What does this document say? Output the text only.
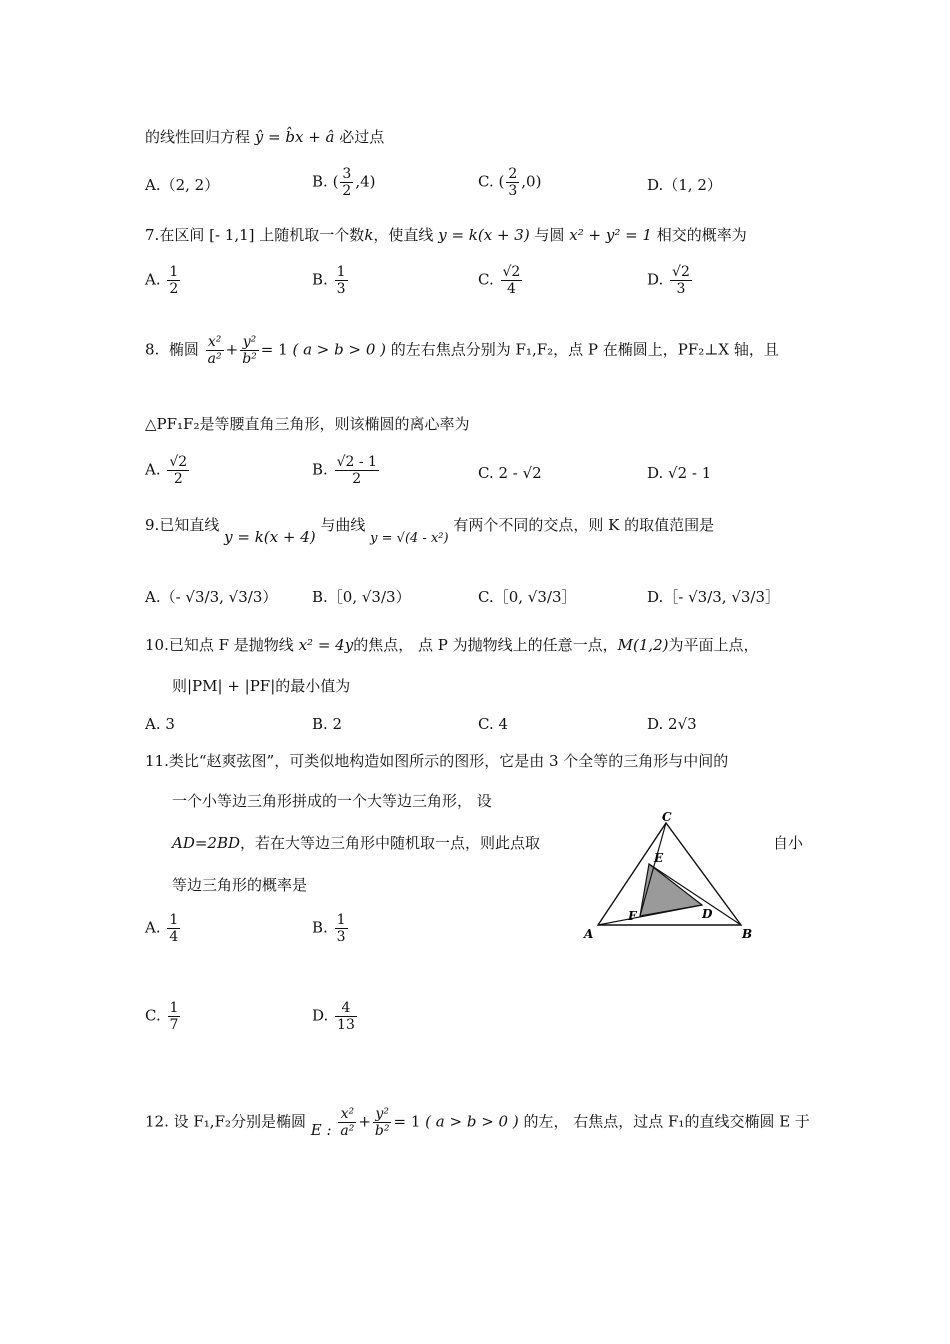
的线性回归方程 ŷ = b̂x + â 必过点
A.（2, 2）	B. ( $\frac{3}{2} ,4$)	C. ( $\frac{2}{3} ,0$)	D.（1, 2）
7.在区间 [- 1,1] 上随机取一个数k，使直线 y = k(x + 3) 与圆 x² + y² = 1 相交的概率为
A. $\frac{1}{2}$	B. $\frac{1}{3}$	C. $\frac{√2}{4}$	D. $\frac{√2}{3}$
8. 椭圆 $\frac{\text{x²}}{\text{a²}} + \frac{\text{y²}}{\text{b²}} = 1$ ( a > b > 0 ) 的左右焦点分别为 F₁,F₂，点 P 在椭圆上，PF₂⊥X 轴，且
△PF₁F₂是等腰直角三角形，则该椭圆的离心率为
A. $\frac{√2}{2}$	B. $\frac{√2 - 1}{2}$	C. 2 - √2	D. √2 - 1
9.已知直线 y = k(x + 4) 与曲线 y = √(4 - x²) 有两个不同的交点，则 K 的取值范围是
A.（- √3/3, √3/3） B.［0, √3/3）	C.［0, √3/3］	D.［- √3/3, √3/3］
10.已知点 F 是抛物线 x² = 4y的焦点， 点 P 为抛物线上的任意一点，M(1,2)为平面上点，
则|PM| + |PF|的最小值为
A. 3	B. 2	C. 4	D. 2√3
11.类比“赵爽弦图”，可类似地构造如图所示的图形，它是由 3 个全等的三角形与中间的
一个小等边三角形拼成的一个大等边三角形， 设
AD=2BD，若在大等边三角形中随机取一点，则此点取	自小
等边三角形的概率是
A. $\frac{1}{4}$	B. $\frac{1}{3}$
C. $\frac{1}{7}$	D. $\frac{4}{13}$
A	B
C
D
E
F
12. 设 F₁,F₂分别是椭圆 E : $\frac{\text{x²}}{\text{a²}} + \frac{\text{y²}}{\text{b²}} = 1$ ( a > b > 0 ) 的左， 右焦点，过点 F₁的直线交椭圆 E 于
